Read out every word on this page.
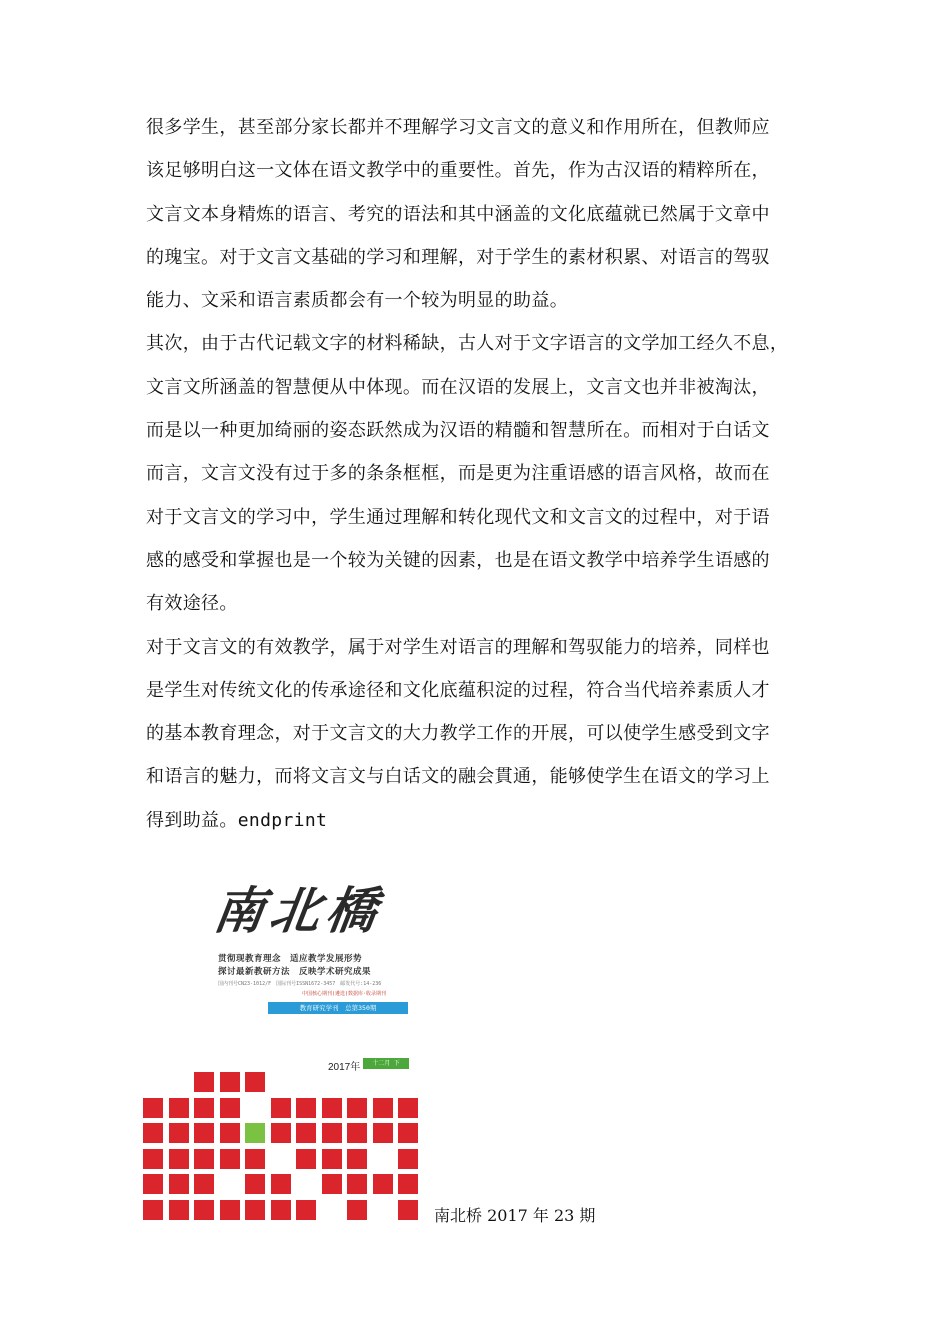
很多学生，甚至部分家长都并不理解学习文言文的意义和作用所在，但教师应
该足够明白这一文体在语文教学中的重要性。首先，作为古汉语的精粹所在，
文言文本身精炼的语言、考究的语法和其中涵盖的文化底蕴就已然属于文章中
的瑰宝。对于文言文基础的学习和理解，对于学生的素材积累、对语言的驾驭
能力、文采和语言素质都会有一个较为明显的助益。
其次，由于古代记载文字的材料稀缺，古人对于文字语言的文学加工经久不息，
文言文所涵盖的智慧便从中体现。而在汉语的发展上，文言文也并非被淘汰，
而是以一种更加绮丽的姿态跃然成为汉语的精髓和智慧所在。而相对于白话文
而言，文言文没有过于多的条条框框，而是更为注重语感的语言风格，故而在
对于文言文的学习中，学生通过理解和转化现代文和文言文的过程中，对于语
感的感受和掌握也是一个较为关键的因素，也是在语文教学中培养学生语感的
有效途径。
对于文言文的有效教学，属于对学生对语言的理解和驾驭能力的培养，同样也
是学生对传统文化的传承途径和文化底蕴积淀的过程，符合当代培养素质人才
的基本教育理念，对于文言文的大力教学工作的开展，可以使学生感受到文字
和语言的魅力，而将文言文与白话文的融会貫通，能够使学生在语文的学习上
得到助益。endprint
南北橋
贯彻现教育理念　适应教学发展形势
探讨最新教研方法　反映学术研究成果
国内刊号CN23-1012/F　国际刊号ISSN1672-3457　邮发代号:14-236
中国核心期刊(遴选)数据库·收录期刊
教育研究学刊　总第350期
2017年	十二月 下
南北桥 2017 年 23 期
